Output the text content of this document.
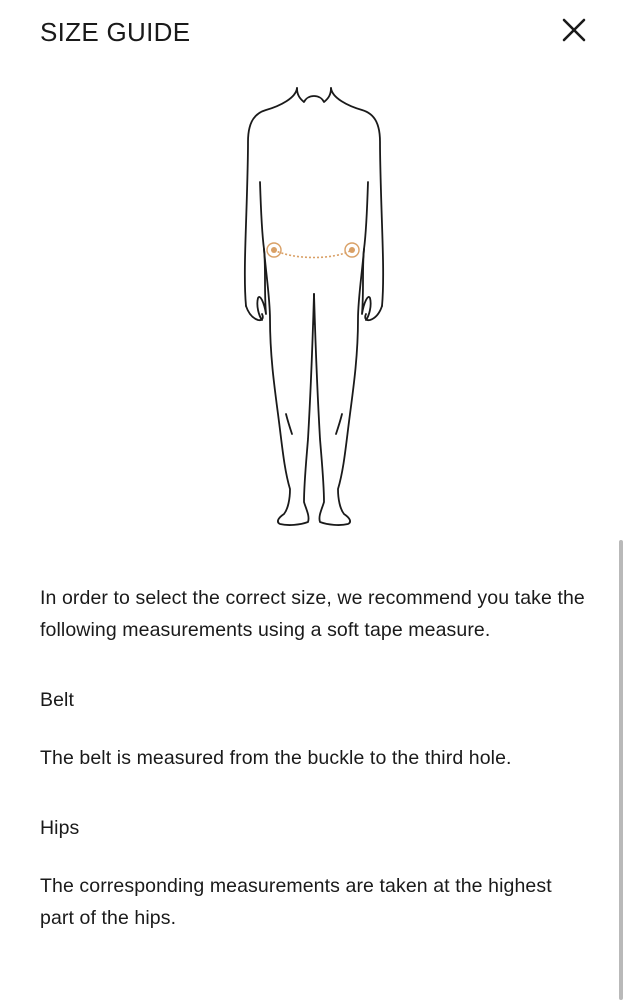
SIZE GUIDE

In order to select the correct size, we recommend you take the following measurements using a soft tape measure.

Belt

The belt is measured from the buckle to the third hole.

Hips

The corresponding measurements are taken at the highest part of the hips.
